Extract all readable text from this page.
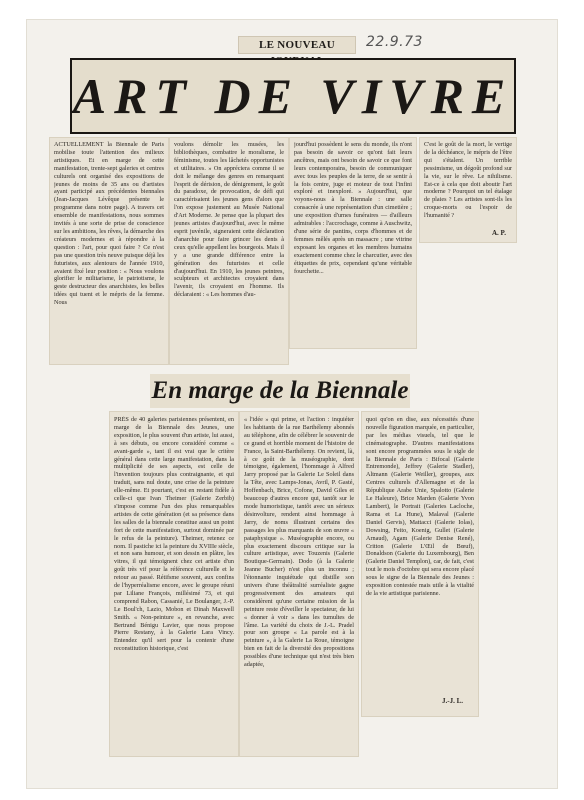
LE NOUVEAU	22.9.73
ART DE VIVRE
ACTUELLEMENT la Biennale de Paris mobilise toute l'attention des milieux artistiques. Et en marge de cette manifestation, trente-sept galeries et centres culturels ont organisé des expositions de jeunes de moins de 35 ans ou d'artistes ayant participé aux précédentes biennales (Jean-Jacques Lévêque présente le programme dans notre page). A travers cet ensemble de manifestations, nous sommes invités à une sorte de prise de conscience sur les ambitions, les rêves, la démarche des créateurs modernes et à répondre à la question : l'art, pour quoi faire ? Ce n'est pas une question très neuve puisque déjà les futuristes, aux alentours de l'année 1910, avaient fixé leur position : « Nous voulons glorifier le militarisme, le patriotisme, le geste destructeur des anarchistes, les belles idées qui tuent et le mépris de la femme. Nous
voulons démolir les musées, les bibliothèques, combattre le moralisme, le féminisme, toutes les lâchetés opportunistes et utilitaires. » On appréciera comme il se doit le mélange des genres en remarquant l'esprit de dérision, de dénigrement, le goût du paradoxe, de provocation, de défi qui caractérisaient les jeunes gens d'alors que l'on expose justement au Musée National d'Art Moderne. Je pense que la plupart des jeunes artistes d'aujourd'hui, avec le même esprit juvénile, signeraient cette déclaration d'anarchie pour faire grincer les dents à ceux qu'elle appellent les bourgeois. Mais il y a une grande différence entre la génération des futuristes et celle d'aujourd'hui. En 1910, les jeunes peintres, sculpteurs et architectes croyaient dans l'avenir, ils croyaient en l'homme. Ils déclaraient : « Les hommes d'au-
jourd'hui possèdent le sens du monde, ils n'ont pas besoin de savoir ce qu'ont fait leurs ancêtres, mais ont besoin de savoir ce que font leurs contemporains, besoin de communiquer avec tous les peuples de la terre, de se sentir à la fois centre, juge et moteur de tout l'infini exploré et inexploré. » Aujourd'hui, que voyons-nous à la Biennale : une salle consacrée à une représentation d'un cimetière ; une exposition d'urnes funéraires — d'ailleurs admirables : l'accrochage, comme à Auschwitz, d'une série de pantins, corps d'hommes et de femmes mêlés après un massacre ; une vitrine exposant les organes et les membres humains exactement comme chez le charcutier, avec des étiquettes de prix, cependant qu'une véritable fourchette...
C'est le goût de la mort, le vertige de la déchéance, le mépris de l'être qui s'étalent. Un terrible pessimisme, un dégoût profond sur la vie, sur le rêve. Le nihilisme. Est-ce à cela que doit aboutir l'art moderne ? Pourquoi un tel étalage de plaies ? Les artistes sont-ils les croque-morts ou l'espoir de l'humanité ?
A. P.
En marge de la Biennale
PRÈS de 40 galeries parisiennes présentent, en marge de la Biennale des Jeunes, une exposition, le plus souvent d'un artiste, lui aussi, à ses débuts, ou encore considéré comme « avant-garde », tant il est vrai que le critère général dans cette large manifestation, dans la multiplicité de ses aspects, est celle de l'invention toujours plus contraignante, et qui traduit, sans nul doute, une crise de la peinture elle-même. Et pourtant, c'est en restant fidèle à celle-ci que Ivan Theimer (Galerie Zerbib) s'impose comme l'un des plus remarquables artistes de cette génération (et sa présence dans les salles de la biennale constitue aussi un point fort de cette manifestation, surtout dominée par le refus de la peinture). Theimer, retenez ce nom. Il pastiche ici la peinture du XVIIIe siècle, et non sans humour, et son dessin en plâtre, les vitres, il qui témoignent chez cet artiste d'un goût très vif pour la référence culturelle et le retour au passé. Rétifsme souvent, aux confins de l'hyperréalisme encore, avec le groupe réuni par Liliane François, millésimé 73, et qui comprend Rabon, Cassanié, Le Boulanger, J.-P. Le Boul'ch, Lazio, Mobon et Dinah Maxwell Smith. « Non-peinture », en revanche, avec Bertrand Bénigu Lavier, que nous propose Pierre Restany, à la Galerie Lara Vincy. Entendez qu'il sert pour la contenir d'une reconstitution historique, c'est
« l'idée » qui prime, et l'action : inquiéter les habitants de la rue Barthélemy abonnés au téléphone, afin de célébrer le souvenir de ce grand et horrible moment de l'histoire de France, la Saint-Barthélemy. On revient, là, à ce goût de la muséographie, dont témoigne, également, l'hommage à Alfred Jarry proposé par la Galerie Le Soleil dans la Tête, avec Lamps-Jonas, Avril, P. Gasté, Hoffenbach, Brice, Cofone, David Giles et beaucoup d'autres encore qui, tantôt sur le mode humoristique, tantôt avec un sérieux désinvolture, rendent ainsi hommage à Jarry, de noms illustrant certains des passages les plus marquants de son œuvre « pataphysique ». Muséographie encore, ou plus exactement discours critique sur la culture artistique, avec Touzenis (Galerie Boutique-Germain). Dodo (à la Galerie Jeanne Bucher) n'est plus un inconnu ; l'étonnante inquiétude qui distille son univers d'une théâtralité surréaliste gagne progressivement des amateurs qui considèrent qu'une certaine mission de la peinture reste d'éveiller le spectateur, de lui « donner à voir » dans les tumultes de l'âme. La variété du choix de J.-L. Pradel pour son groupe « La parole est à la peinture », à la Galerie La Roue, témoigne bien en fait de la diversité des propositions possibles d'une technique qui n'est très bien adaptée,
quoi qu'on en dise, aux nécessités d'une nouvelle figuration marquée, en particulier, par les médias visuels, tel que le cinématographe. D'autres manifestations sont encore programmées sous le sigle de la Biennale de Paris : Bifocal (Galerie Entremonde), Jeffrey (Galerie Stadler), Altmann (Galerie Weiller), groupes, aux Centres culturels d'Allemagne et de la République Arabe Unie, Spalotto (Galerie Le Haleure), Brice Marden (Galerie Yvon Lambert), le Portrait (Galeries Lacloche, Rama et La Hune), Malaval (Galerie Daniel Gervis), Mattacci (Galerie Iolas), Dowsing, Feito, Koenig, Gullet (Galerie Arnaud), Agam (Galerie Denise René), Critton (Galerie L'Œil de Bœuf), Donaldson (Galerie du Luxembourg), Ben (Galerie Daniel Templon), car, de fait, c'est tout le mois d'octobre qui sera encore placé sous le signe de la Biennale des Jeunes : exposition contestée mais utile à la vitalité de la vie artistique parisienne.
J.-J. L.
